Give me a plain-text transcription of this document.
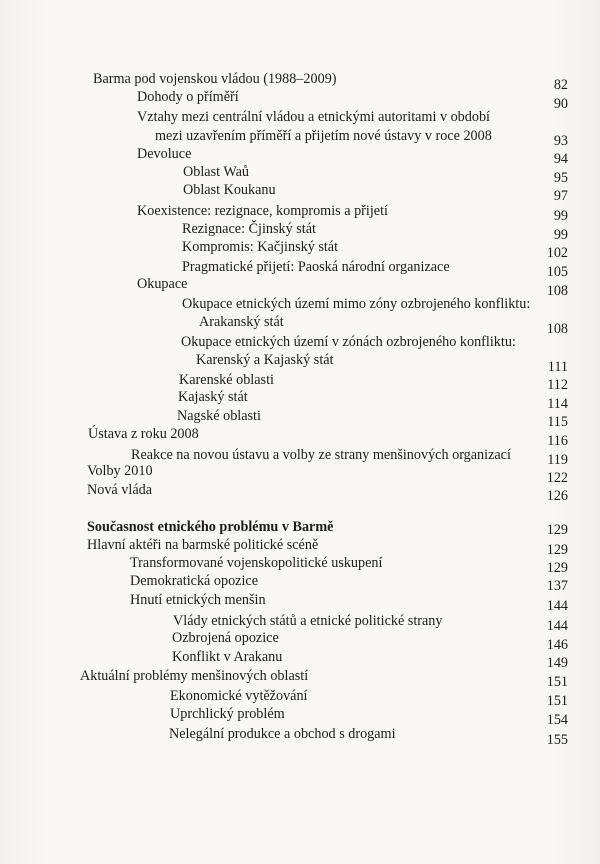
Barma pod vojenskou vládou (1988–2009)	82
Dohody o příměří	90
Vztahy mezi centrální vládou a etnickými autoritami v období
mezi uzavřením příměří a přijetím nové ústavy v roce 2008	93
Devoluce	94
Oblast Waů	95
Oblast Koukanu	97
Koexistence: rezignace, kompromis a přijetí	99
Rezignace: Čjinský stát	99
Kompromis: Kačjinský stát	102
Pragmatické přijetí: Paoská národní organizace	105
Okupace	108
Okupace etnických území mimo zóny ozbrojeného konfliktu:
Arakanský stát	108
Okupace etnických území v zónách ozbrojeného konfliktu:
Karenský a Kajaský stát	111
Karenské oblasti	112
Kajaský stát	114
Nagské oblasti	115
Ústava z roku 2008	116
Reakce na novou ústavu a volby ze strany menšinových organizací	119
Volby 2010	122
Nová vláda	126
Současnost etnického problému v Barmě	129
Hlavní aktéři na barmské politické scéně	129
Transformované vojenskopolitické uskupení	129
Demokratická opozice	137
Hnutí etnických menšin	144
Vlády etnických států a etnické politické strany	144
Ozbrojená opozice	146
Konflikt v Arakanu	149
Aktuální problémy menšinových oblastí	151
Ekonomické vytěžování	151
Uprchlický problém	154
Nelegální produkce a obchod s drogami	155
